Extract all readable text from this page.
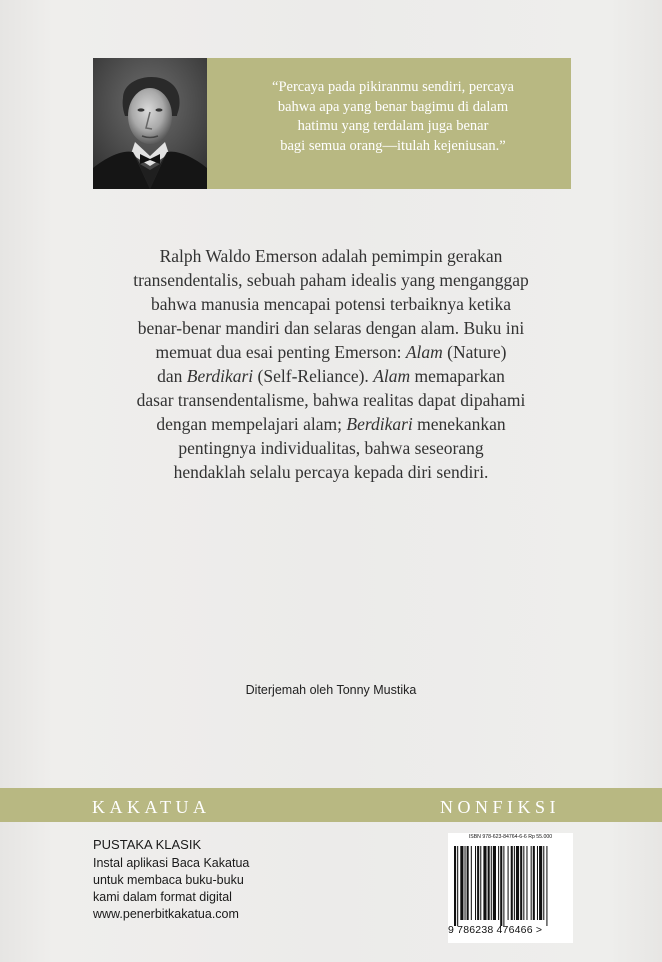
“Percaya pada pikiranmu sendiri, percaya
bahwa apa yang benar bagimu di dalam
hatimu yang terdalam juga benar
bagi semua orang—itulah kejeniusan.”
Ralph Waldo Emerson adalah pemimpin gerakan
transendentalis, sebuah paham idealis yang menganggap
bahwa manusia mencapai potensi terbaiknya ketika
benar-benar mandiri dan selaras dengan alam. Buku ini
memuat dua esai penting Emerson: Alam (Nature)
dan Berdikari (Self-Reliance). Alam memaparkan
dasar transendentalisme, bahwa realitas dapat dipahami
dengan mempelajari alam; Berdikari menekankan
pentingnya individualitas, bahwa seseorang
hendaklah selalu percaya kepada diri sendiri.
Diterjemah oleh Tonny Mustika
KAKATUA	NONFIKSI
PUSTAKA KLASIK
Instal aplikasi Baca Kakatua
untuk membaca buku-buku
kami dalam format digital
www.penerbitkakatua.com
ISBN 978-623-84764-6-6 Rp 55.000
9 786238 476466 >
